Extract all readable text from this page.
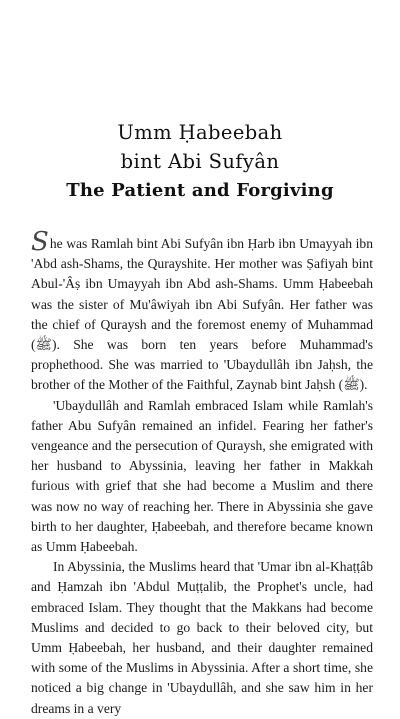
Umm Ḥabeebah
bint Abi Sufyân
The Patient and Forgiving

She was Ramlah bint Abi Sufyân ibn Ḥarb ibn Umayyah ibn 'Abd ash-Shams, the Qurayshite. Her mother was Ṣafiyah bint Abul-'Âṣ ibn Umayyah ibn Abd ash-Shams. Umm Ḥabeebah was the sister of Mu'âwiyah ibn Abi Sufyân. Her father was the chief of Quraysh and the foremost enemy of Muhammad (ﷺ). She was born ten years before Muhammad's prophethood. She was married to 'Ubaydullâh ibn Jaḥsh, the brother of the Mother of the Faithful, Zaynab bint Jaḥsh (ﷺ).

'Ubaydullâh and Ramlah embraced Islam while Ramlah's father Abu Sufyân remained an infidel. Fearing her father's vengeance and the persecution of Quraysh, she emigrated with her husband to Abyssinia, leaving her father in Makkah furious with grief that she had become a Muslim and there was now no way of reaching her. There in Abyssinia she gave birth to her daughter, Ḥabeebah, and therefore became known as Umm Ḥabeebah.

In Abyssinia, the Muslims heard that 'Umar ibn al-Khaṭṭâb and Ḥamzah ibn 'Abdul Muṭṭalib, the Prophet's uncle, had embraced Islam. They thought that the Makkans had become Muslims and decided to go back to their beloved city, but Umm Ḥabeebah, her husband, and their daughter remained with some of the Muslims in Abyssinia. After a short time, she noticed a big change in 'Ubaydullâh, and she saw him in her dreams in a very
